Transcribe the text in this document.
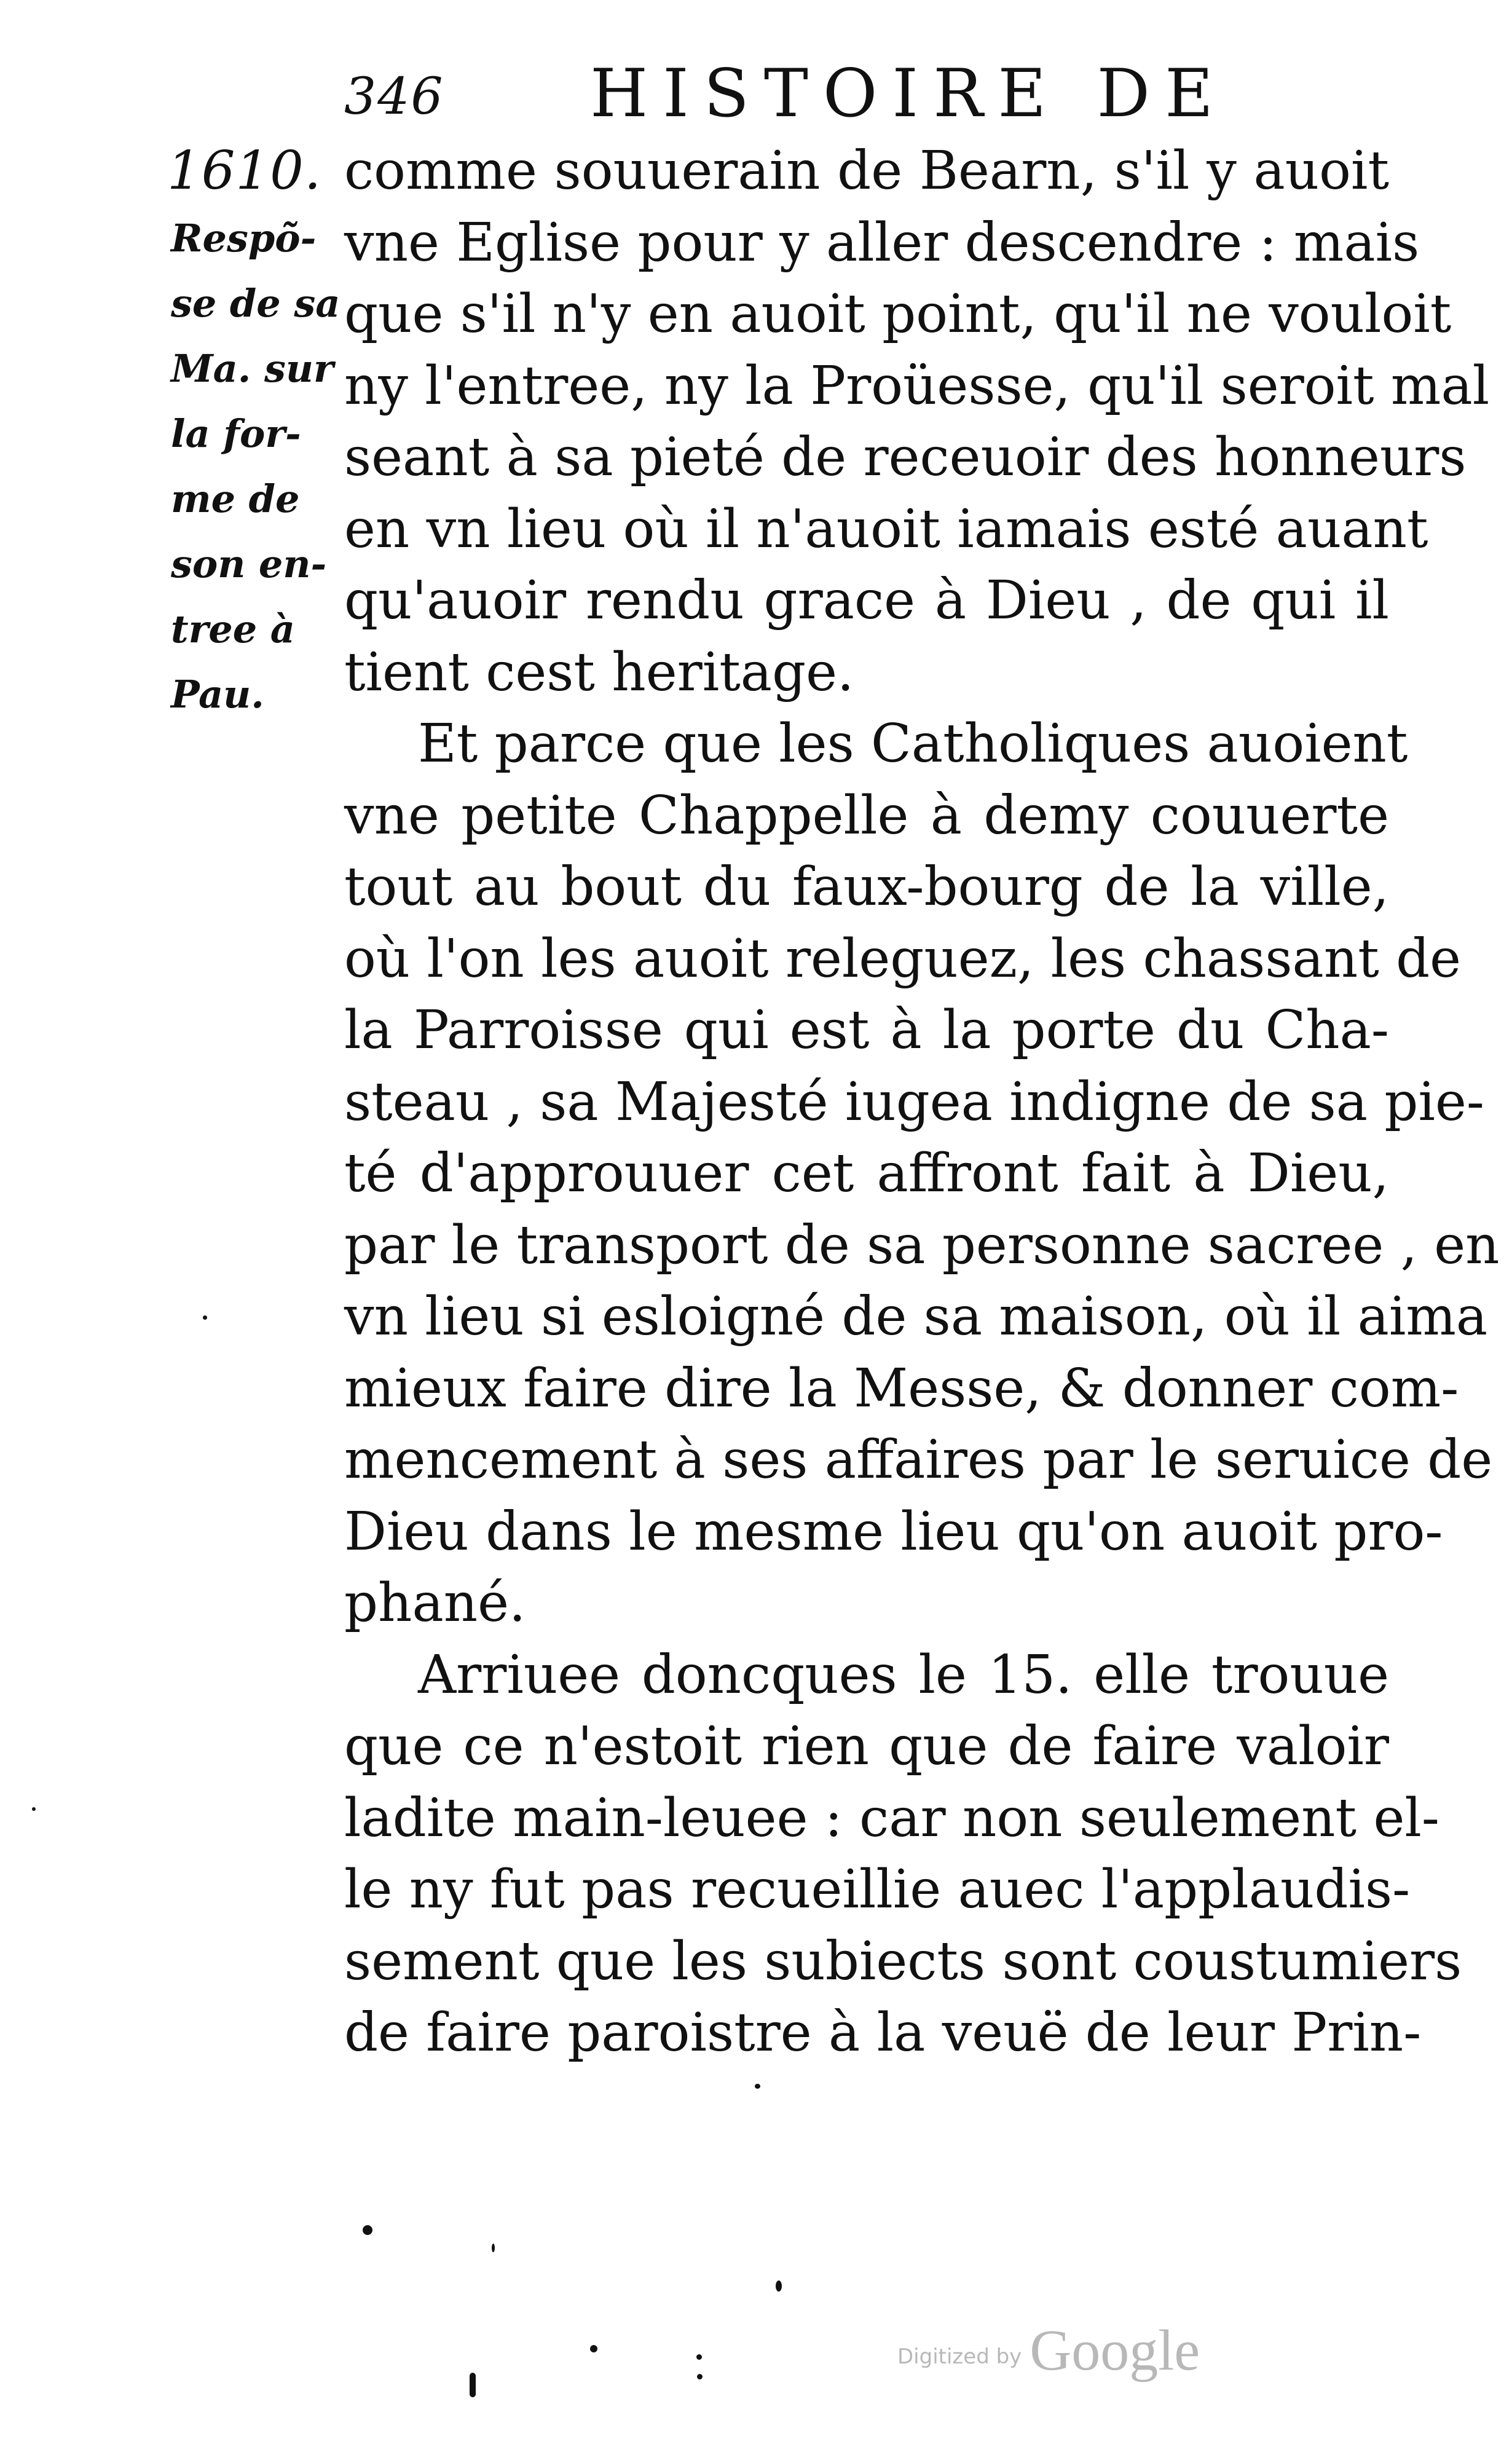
346 HISTOIRE DE
1610.
Respõ-
se de sa
Ma. sur
la for-
me de
son en-
tree à
Pau.
comme souuerain de Bearn, s'il y auoit
vne Eglise pour y aller descendre : mais
que s'il n'y en auoit point, qu'il ne vouloit
ny l'entree, ny la Proüesse, qu'il seroit mal
seant à sa pieté de receuoir des honneurs
en vn lieu où il n'auoit iamais esté auant
qu'auoir rendu grace à Dieu , de qui il
tient cest heritage.
Et parce que les Catholiques auoient
vne petite Chappelle à demy couuerte
tout au bout du faux-bourg de la ville,
où l'on les auoit releguez, les chassant de
la Parroisse qui est à la porte du Cha-
steau , sa Majesté iugea indigne de sa pie-
té d'approuuer cet affront fait à Dieu,
par le transport de sa personne sacree , en
vn lieu si esloigné de sa maison, où il aima
mieux faire dire la Messe, & donner com-
mencement à ses affaires par le seruice de
Dieu dans le mesme lieu qu'on auoit pro-
phané.
Arriuee doncques le 15. elle trouue
que ce n'estoit rien que de faire valoir
ladite main-leuee : car non seulement el-
le ny fut pas recueillie auec l'applaudis-
sement que les subiects sont coustumiers
de faire paroistre à la veuë de leur Prin-
Digitized by Google
